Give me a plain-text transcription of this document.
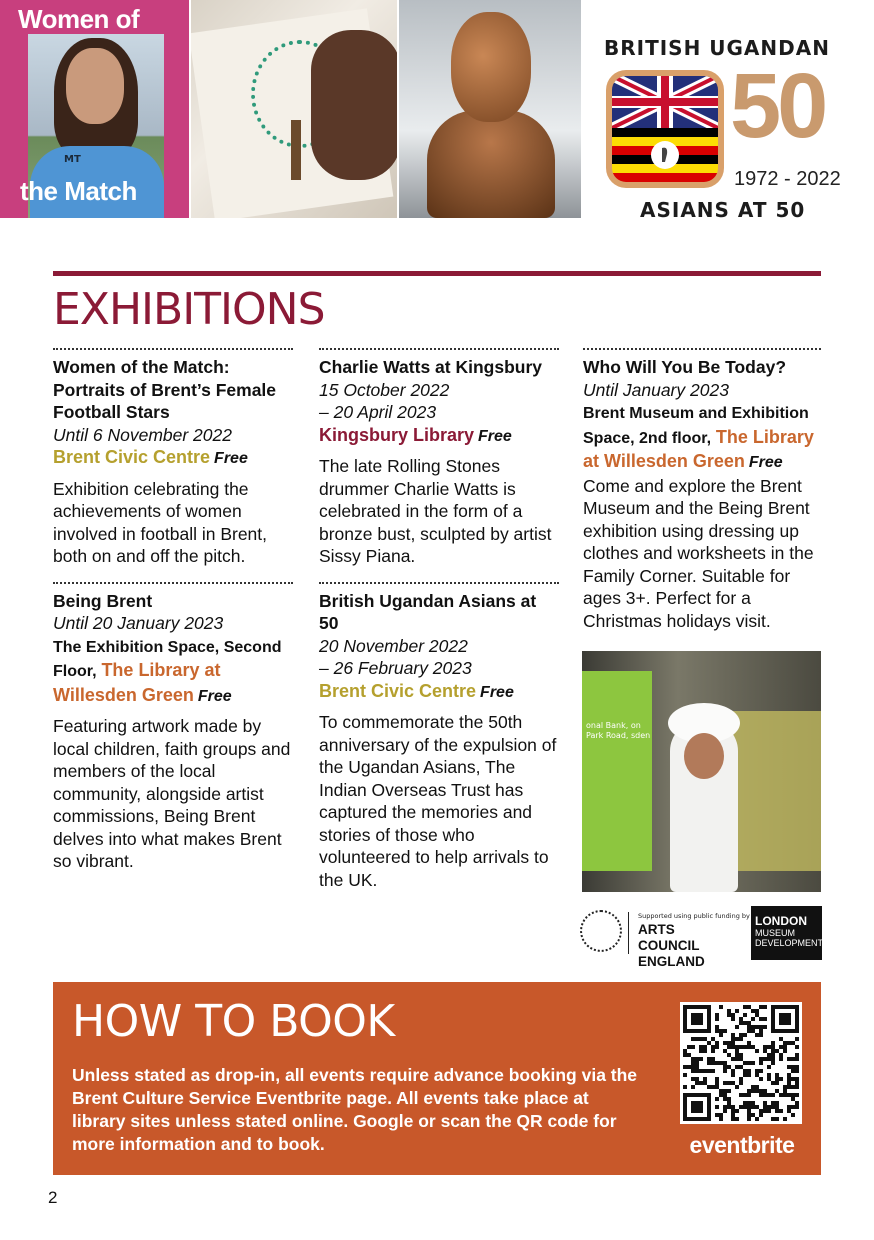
MT
Women of
the Match
BRITISH UGANDAN
50
1972 - 2022
ASIANS AT 50
EXHIBITIONS
Women of the Match: Portraits of Brent’s Female Football Stars
Until 6 November 2022
Brent Civic Centre Free
Exhibition celebrating the achievements of women involved in football in Brent, both on and off the pitch.
Being Brent
Until 20 January 2023
The Exhibition Space, Second Floor, The Library at Willesden Green Free
Featuring artwork made by local children, faith groups and members of the local community, alongside artist commissions, Being Brent delves into what makes Brent so vibrant.
Charlie Watts at Kingsbury
15 October 2022
– 20 April 2023
Kingsbury Library Free
The late Rolling Stones drummer Charlie Watts is celebrated in the form of a bronze bust, sculpted by artist Sissy Piana.
British Ugandan Asians at 50
20 November 2022
– 26 February 2023
Brent Civic Centre Free
To commemorate the 50th anniversary of the expulsion of the Ugandan Asians, The Indian Overseas Trust has captured the memories and stories of those who volunteered to help arrivals to the UK.
Who Will You Be Today?
Until January 2023
Brent Museum and Exhibition Space, 2nd floor, The Library at Willesden Green Free
Come and explore the Brent Museum and the Being Brent exhibition using dressing up clothes and worksheets in the Family Corner. Suitable for ages 3+. Perfect for a Christmas holidays visit.
onal Bank, on Park Road, sden
Supported using public funding by
ARTS COUNCIL ENGLAND
LONDON
MUSEUM DEVELOPMENT
HOW TO BOOK
Unless stated as drop-in, all events require advance booking via the Brent Culture Service Eventbrite page. All events take place at library sites unless stated online. Google or scan the QR code for more information and to book.	eventbrite
2
